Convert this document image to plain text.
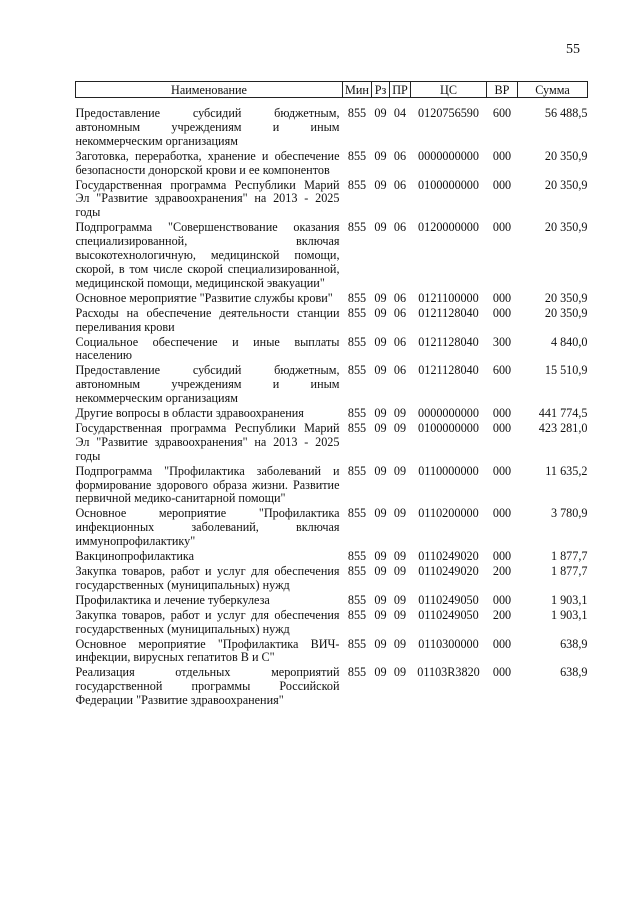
55
Наименование	Мин	Рз	ПР	ЦС	ВР	Сумма
Предоставление субсидий бюджетным, автономным учреждениям и иным некоммерческим организациям	855	09	04	0120756590	600	56 488,5
Заготовка, переработка, хранение и обеспечение безопасности донорской крови и ее компонентов	855	09	06	0000000000	000	20 350,9
Государственная программа Республики Марий Эл "Развитие здравоохранения" на 2013 - 2025 годы	855	09	06	0100000000	000	20 350,9
Подпрограмма "Совершенствование оказания специализированной, включая высокотехнологичную, медицинской помощи, скорой, в том числе скорой специализированной, медицинской помощи, медицинской эвакуации"	855	09	06	0120000000	000	20 350,9
Основное мероприятие "Развитие службы крови"	855	09	06	0121100000	000	20 350,9
Расходы на обеспечение деятельности станции переливания крови	855	09	06	0121128040	000	20 350,9
Социальное обеспечение и иные выплаты населению	855	09	06	0121128040	300	4 840,0
Предоставление субсидий бюджетным, автономным учреждениям и иным некоммерческим организациям	855	09	06	0121128040	600	15 510,9
Другие вопросы в области здравоохранения	855	09	09	0000000000	000	441 774,5
Государственная программа Республики Марий Эл "Развитие здравоохранения" на 2013 - 2025 годы	855	09	09	0100000000	000	423 281,0
Подпрограмма "Профилактика заболеваний и формирование здорового образа жизни. Развитие первичной медико-санитарной помощи"	855	09	09	0110000000	000	11 635,2
Основное мероприятие "Профилактика инфекционных заболеваний, включая иммунопрофилактику"	855	09	09	0110200000	000	3 780,9
Вакцинопрофилактика	855	09	09	0110249020	000	1 877,7
Закупка товаров, работ и услуг для обеспечения государственных (муниципальных) нужд	855	09	09	0110249020	200	1 877,7
Профилактика и лечение туберкулеза	855	09	09	0110249050	000	1 903,1
Закупка товаров, работ и услуг для обеспечения государственных (муниципальных) нужд	855	09	09	0110249050	200	1 903,1
Основное мероприятие "Профилактика ВИЧ-инфекции, вирусных гепатитов В и С"	855	09	09	0110300000	000	638,9
Реализация отдельных мероприятий государственной программы Российской Федерации "Развитие здравоохранения"	855	09	09	01103R3820	000	638,9
